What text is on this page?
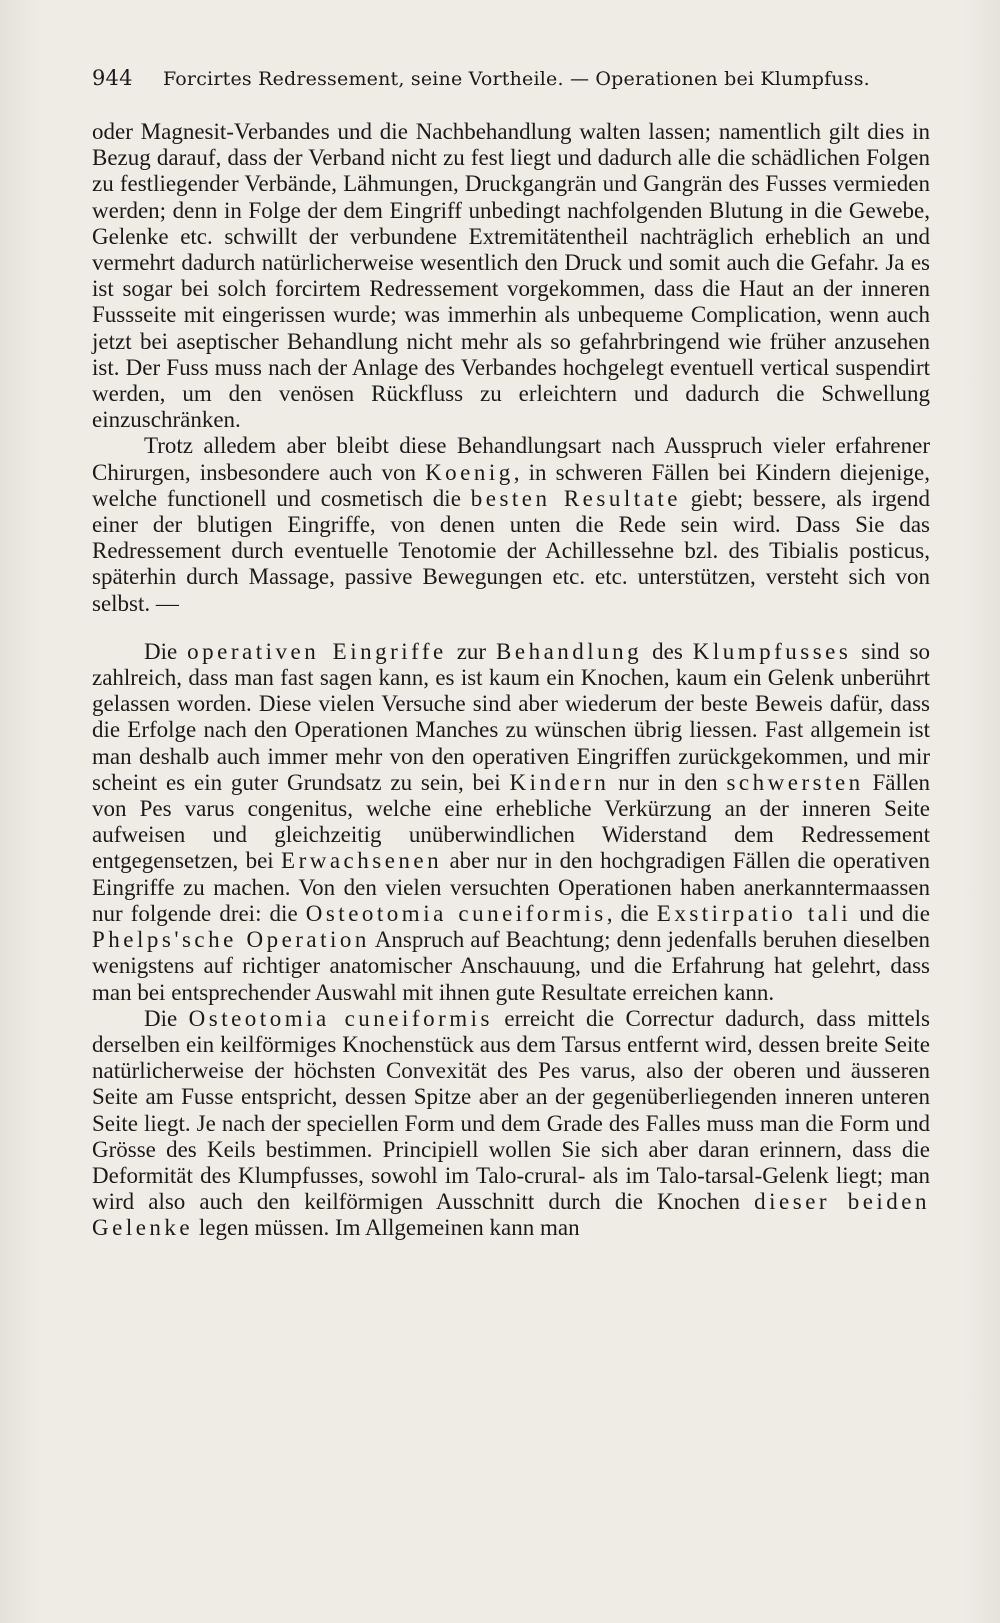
944 Forcirtes Redressement, seine Vortheile. — Operationen bei Klumpfuss.

oder Magnesit-Verbandes und die Nachbehandlung walten lassen; namentlich gilt dies in Bezug darauf, dass der Verband nicht zu fest liegt und dadurch alle die schädlichen Folgen zu festliegender Verbände, Lähmungen, Druckgangrän und Gangrän des Fusses vermieden werden; denn in Folge der dem Eingriff unbedingt nachfolgenden Blutung in die Gewebe, Gelenke etc. schwillt der verbundene Extremitätentheil nachträglich erheblich an und vermehrt dadurch natürlicherweise wesentlich den Druck und somit auch die Gefahr. Ja es ist sogar bei solch forcirtem Redressement vorgekommen, dass die Haut an der inneren Fussseite mit eingerissen wurde; was immerhin als unbequeme Complication, wenn auch jetzt bei aseptischer Behandlung nicht mehr als so gefahrbringend wie früher anzusehen ist. Der Fuss muss nach der Anlage des Verbandes hochgelegt eventuell vertical suspendirt werden, um den venösen Rückfluss zu erleichtern und dadurch die Schwellung einzuschränken.

Trotz alledem aber bleibt diese Behandlungsart nach Ausspruch vieler erfahrener Chirurgen, insbesondere auch von Koenig, in schweren Fällen bei Kindern diejenige, welche functionell und cosmetisch die besten Resultate giebt; bessere, als irgend einer der blutigen Eingriffe, von denen unten die Rede sein wird. Dass Sie das Redressement durch eventuelle Tenotomie der Achillessehne bzl. des Tibialis posticus, späterhin durch Massage, passive Bewegungen etc. etc. unterstützen, versteht sich von selbst. —

Die operativen Eingriffe zur Behandlung des Klumpfusses sind so zahlreich, dass man fast sagen kann, es ist kaum ein Knochen, kaum ein Gelenk unberührt gelassen worden. Diese vielen Versuche sind aber wiederum der beste Beweis dafür, dass die Erfolge nach den Operationen Manches zu wünschen übrig liessen. Fast allgemein ist man deshalb auch immer mehr von den operativen Eingriffen zurückgekommen, und mir scheint es ein guter Grundsatz zu sein, bei Kindern nur in den schwersten Fällen von Pes varus congenitus, welche eine erhebliche Verkürzung an der inneren Seite aufweisen und gleichzeitig unüberwindlichen Widerstand dem Redressement entgegensetzen, bei Erwachsenen aber nur in den hochgradigen Fällen die operativen Eingriffe zu machen. Von den vielen versuchten Operationen haben anerkanntermaassen nur folgende drei: die Osteotomia cuneiformis, die Exstirpatio tali und die Phelps'sche Operation Anspruch auf Beachtung; denn jedenfalls beruhen dieselben wenigstens auf richtiger anatomischer Anschauung, und die Erfahrung hat gelehrt, dass man bei entsprechender Auswahl mit ihnen gute Resultate erreichen kann.

Die Osteotomia cuneiformis erreicht die Correctur dadurch, dass mittels derselben ein keilförmiges Knochenstück aus dem Tarsus entfernt wird, dessen breite Seite natürlicherweise der höchsten Convexität des Pes varus, also der oberen und äusseren Seite am Fusse entspricht, dessen Spitze aber an der gegenüberliegenden inneren unteren Seite liegt. Je nach der speciellen Form und dem Grade des Falles muss man die Form und Grösse des Keils bestimmen. Principiell wollen Sie sich aber daran erinnern, dass die Deformität des Klumpfusses, sowohl im Talo-crural- als im Talo-tarsal-Gelenk liegt; man wird also auch den keilförmigen Ausschnitt durch die Knochen dieser beiden Gelenke legen müssen. Im Allgemeinen kann man
